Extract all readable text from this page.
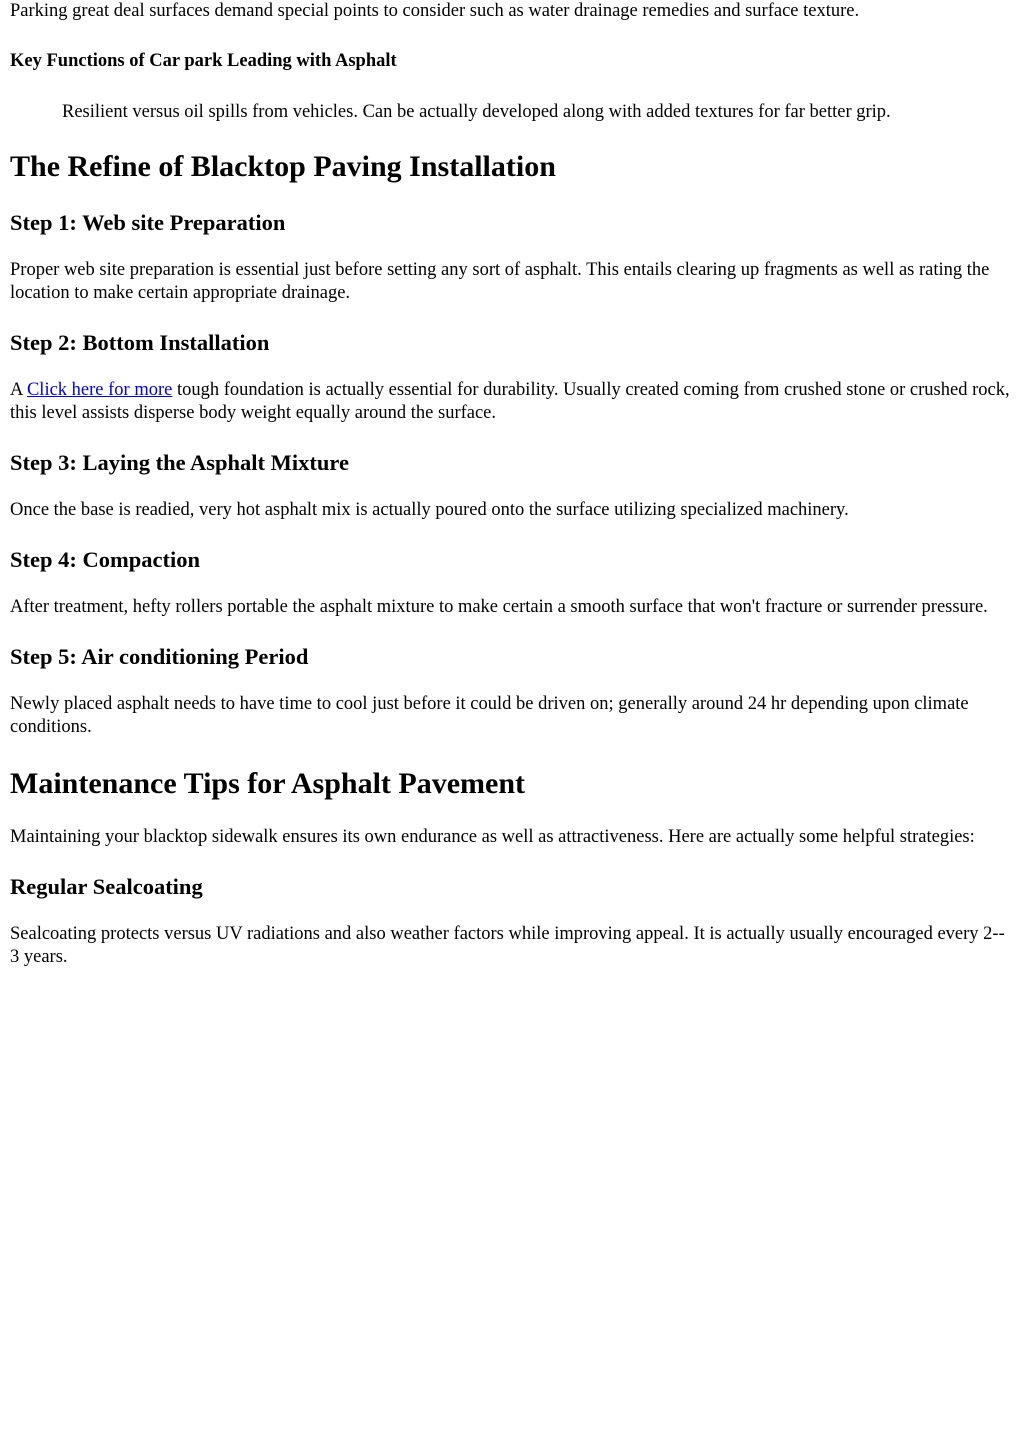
Parking great deal surfaces demand special points to consider such as water drainage remedies and surface texture.

Key Functions of Car park Leading with Asphalt
Resilient versus oil spills from vehicles. Can be actually developed along with added textures for far better grip.
The Refine of Blacktop Paving Installation
Step 1: Web site Preparation

Proper web site preparation is essential just before setting any sort of asphalt. This entails clearing up fragments as well as rating the location to make certain appropriate drainage.

Step 2: Bottom Installation

A Click here for more tough foundation is actually essential for durability. Usually created coming from crushed stone or crushed rock, this level assists disperse body weight equally around the surface.

Step 3: Laying the Asphalt Mixture

Once the base is readied, very hot asphalt mix is actually poured onto the surface utilizing specialized machinery.

Step 4: Compaction

After treatment, hefty rollers portable the asphalt mixture to make certain a smooth surface that won't fracture or surrender pressure.

Step 5: Air conditioning Period

Newly placed asphalt needs to have time to cool just before it could be driven on; generally around 24 hr depending upon climate conditions.

Maintenance Tips for Asphalt Pavement

Maintaining your blacktop sidewalk ensures its own endurance as well as attractiveness. Here are actually some helpful strategies:

Regular Sealcoating

Sealcoating protects versus UV radiations and also weather factors while improving appeal. It is actually usually encouraged every 2-- 3 years.
